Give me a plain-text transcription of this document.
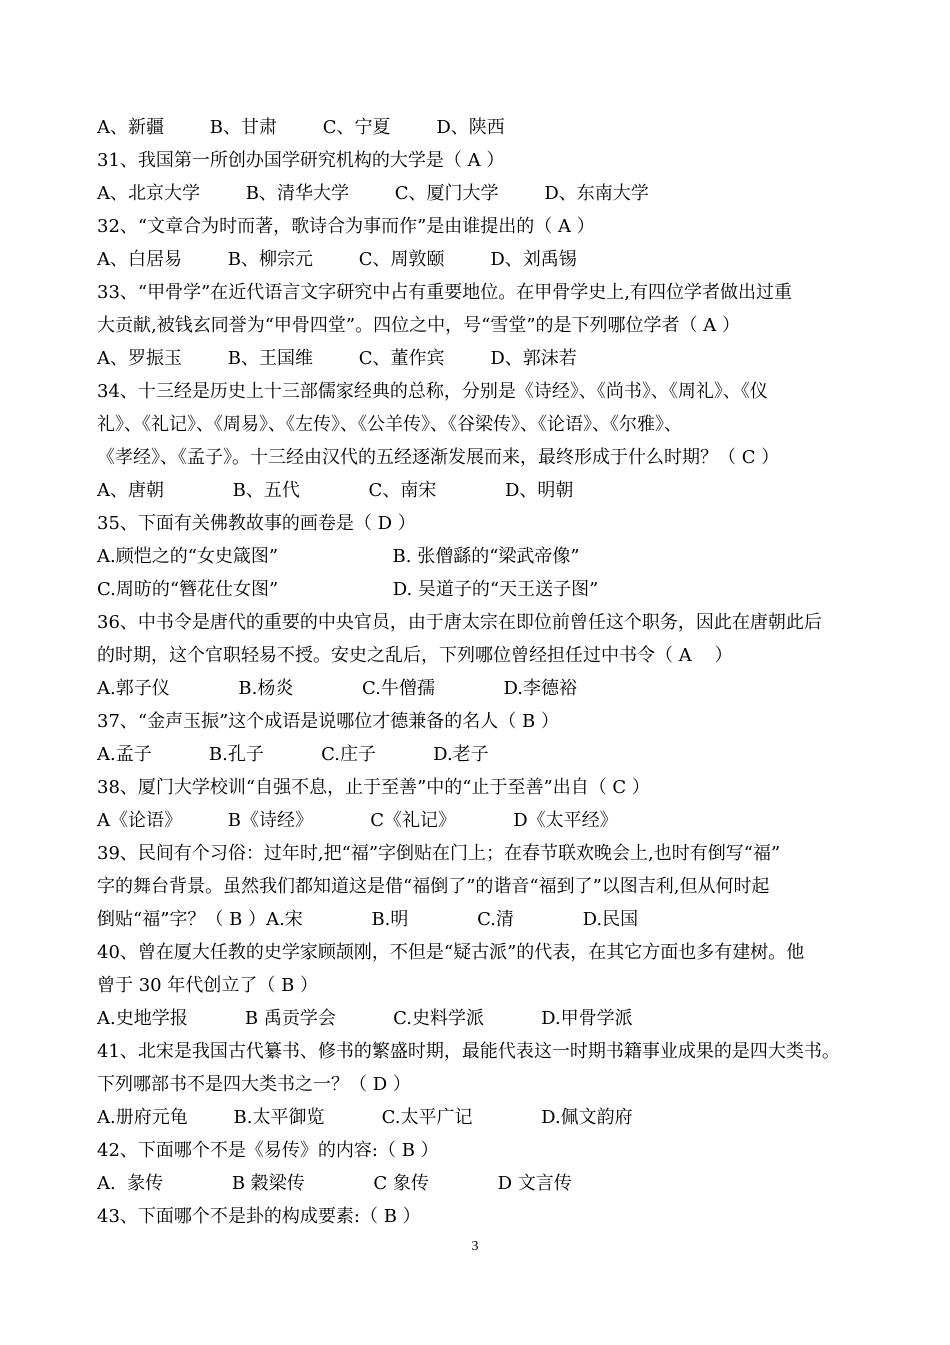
A、新疆        B、甘肃        C、宁夏        D、陕西
31、我国第一所创办国学研究机构的大学是（ A ）
A、北京大学        B、清华大学        C、厦门大学        D、东南大学
32、“文章合为时而著，歌诗合为事而作”是由谁提出的（ A ）
A、白居易        B、柳宗元        C、周敦颐        D、刘禹锡
33、“甲骨学”在近代语言文字研究中占有重要地位。在甲骨学史上,有四位学者做出过重
大贡献,被钱玄同誉为“甲骨四堂”。四位之中，号“雪堂”的是下列哪位学者（ A ）
A、罗振玉        B、王国维        C、董作宾        D、郭沫若
34、十三经是历史上十三部儒家经典的总称，分别是《诗经》、《尚书》、《周礼》、《仪
礼》、《礼记》、《周易》、《左传》、《公羊传》、《谷梁传》、《论语》、《尔雅》、
《孝经》、《孟子》。十三经由汉代的五经逐渐发展而来，最终形成于什么时期？（ C ）
A、唐朝            B、五代            C、南宋            D、明朝
35、下面有关佛教故事的画卷是（ D ）
A.顾恺之的“女史箴图”                    B. 张僧繇的“梁武帝像”
C.周昉的“簪花仕女图”                    D. 吴道子的“天王送子图”
36、中书令是唐代的重要的中央官员，由于唐太宗在即位前曾任这个职务，因此在唐朝此后
的时期，这个官职轻易不授。安史之乱后，下列哪位曾经担任过中书令（ A    ）
A.郭子仪            B.杨炎            C.牛僧孺            D.李德裕
37、“金声玉振”这个成语是说哪位才德兼备的名人（ B ）
A.孟子          B.孔子          C.庄子          D.老子
38、厦门大学校训“自强不息，止于至善”中的“止于至善”出自（ C ）
A《论语》        B《诗经》          C《礼记》          D《太平经》
39、民间有个习俗：过年时,把“福”字倒贴在门上；在春节联欢晚会上,也时有倒写“福”
字的舞台背景。虽然我们都知道这是借“福倒了”的谐音“福到了”以图吉利,但从何时起
倒贴“福”字？（ B ）A.宋            B.明            C.清            D.民国
40、曾在厦大任教的史学家顾颉刚，不但是“疑古派”的代表，在其它方面也多有建树。他
曾于 30 年代创立了（ B ）
A.史地学报          B 禹贡学会          C.史料学派          D.甲骨学派
41、北宋是我国古代纂书、修书的繁盛时期，最能代表这一时期书籍事业成果的是四大类书。
下列哪部书不是四大类书之一？（ D ）
A.册府元龟        B.太平御览          C.太平广记            D.佩文韵府
42、下面哪个不是《易传》的内容:（ B ）
A.  彖传            B 穀梁传            C 象传            D 文言传
43、下面哪个不是卦的构成要素:（ B ）
3
